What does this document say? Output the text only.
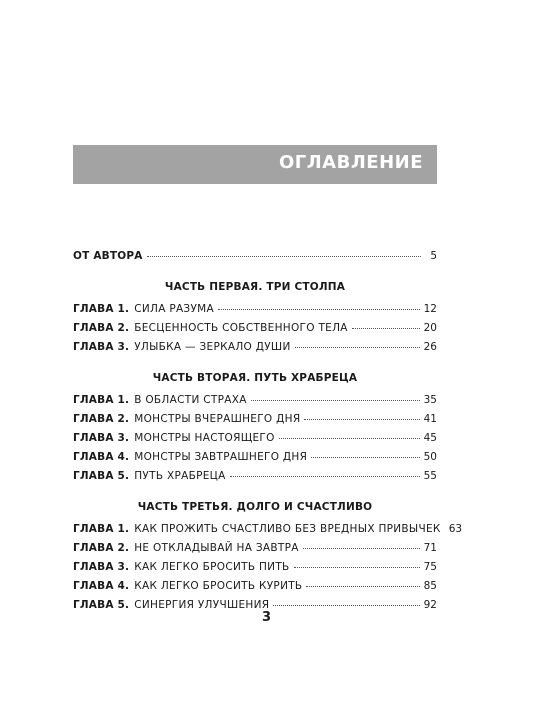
ОГЛАВЛЕНИЕ
ОТ АВТОРА	5
ЧАСТЬ ПЕРВАЯ. ТРИ СТОЛПА
ГЛАВА 1. СИЛА РАЗУМА	12
ГЛАВА 2. БЕСЦЕННОСТЬ СОБСТВЕННОГО ТЕЛА	20
ГЛАВА 3. УЛЫБКА — ЗЕРКАЛО ДУШИ	26
ЧАСТЬ ВТОРАЯ. ПУТЬ ХРАБРЕЦА
ГЛАВА 1. В ОБЛАСТИ СТРАХА	35
ГЛАВА 2. МОНСТРЫ ВЧЕРАШНЕГО ДНЯ	41
ГЛАВА 3. МОНСТРЫ НАСТОЯЩЕГО	45
ГЛАВА 4. МОНСТРЫ ЗАВТРАШНЕГО ДНЯ	50
ГЛАВА 5. ПУТЬ ХРАБРЕЦА	55
ЧАСТЬ ТРЕТЬЯ. ДОЛГО И СЧАСТЛИВО
ГЛАВА 1. КАК ПРОЖИТЬ СЧАСТЛИВО БЕЗ ВРЕДНЫХ ПРИВЫЧЕК 63
ГЛАВА 2. НЕ ОТКЛАДЫВАЙ НА ЗАВТРА	71
ГЛАВА 3. КАК ЛЕГКО БРОСИТЬ ПИТЬ	75
ГЛАВА 4. КАК ЛЕГКО БРОСИТЬ КУРИТЬ	85
ГЛАВА 5. СИНЕРГИЯ УЛУЧШЕНИЯ	92
3
